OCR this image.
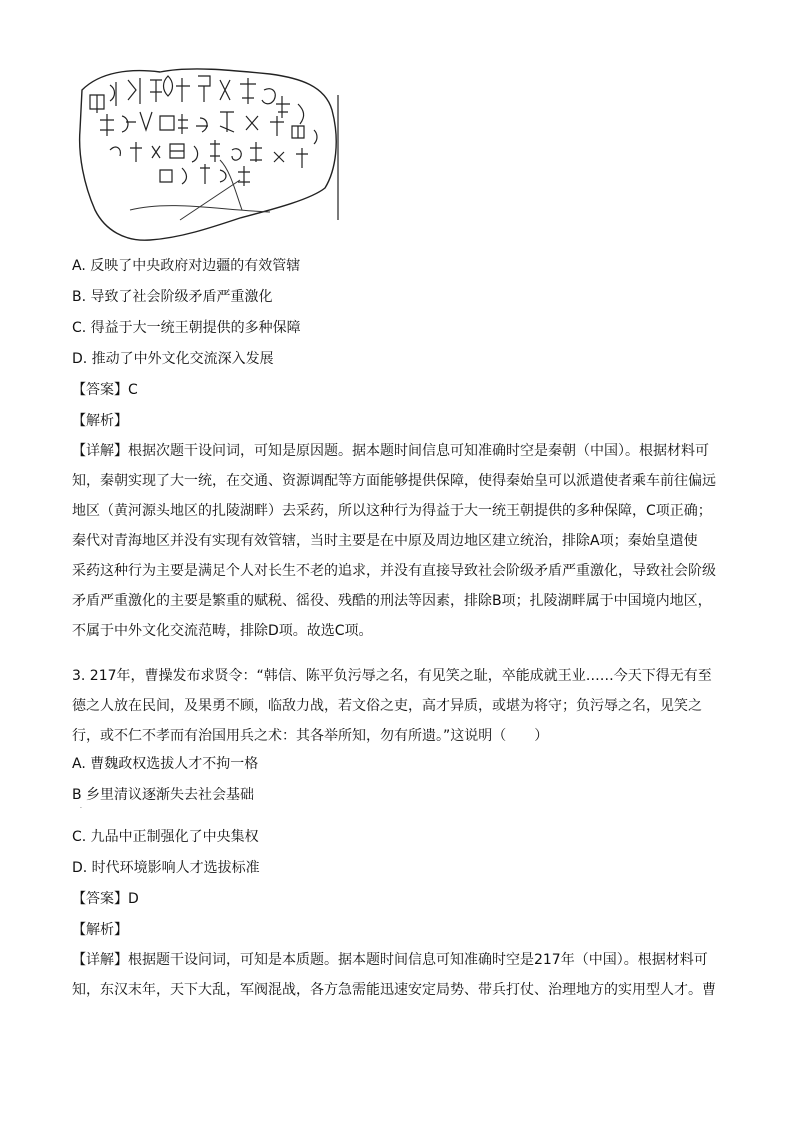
A. 反映了中央政府对边疆的有效管辖
B. 导致了社会阶级矛盾严重激化
C. 得益于大一统王朝提供的多种保障
D. 推动了中外文化交流深入发展
【答案】C
【解析】
【详解】根据次题干设问词，可知是原因题。据本题时间信息可知准确时空是秦朝（中国）。根据材料可
知，秦朝实现了大一统，在交通、资源调配等方面能够提供保障，使得秦始皇可以派遣使者乘车前往偏远
地区（黄河源头地区的扎陵湖畔）去采药，所以这种行为得益于大一统王朝提供的多种保障，C项正确；
秦代对青海地区并没有实现有效管辖，当时主要是在中原及周边地区建立统治，排除A项；秦始皇遣使
采药这种行为主要是满足个人对长生不老的追求，并没有直接导致社会阶级矛盾严重激化，导致社会阶级
矛盾严重激化的主要是繁重的赋税、徭役、残酷的刑法等因素，排除B项；扎陵湖畔属于中国境内地区，
不属于中外文化交流范畴，排除D项。故选C项。
3. 217年，曹操发布求贤令：“韩信、陈平负污辱之名，有见笑之耻，卒能成就王业……今天下得无有至
德之人放在民间，及果勇不顾，临敌力战，若文俗之吏，高才异质，或堪为将守；负污辱之名，见笑之
行，或不仁不孝而有治国用兵之术：其各举所知，勿有所遗。”这说明（　　）
A. 曹魏政权选拔人才不拘一格
B 乡里清议逐渐失去社会基础
·
C. 九品中正制强化了中央集权
D. 时代环境影响人才选拔标准
【答案】D
【解析】
【详解】根据题干设问词，可知是本质题。据本题时间信息可知准确时空是217年（中国）。根据材料可
知，东汉末年，天下大乱，军阀混战，各方急需能迅速安定局势、带兵打仗、治理地方的实用型人才。曹
